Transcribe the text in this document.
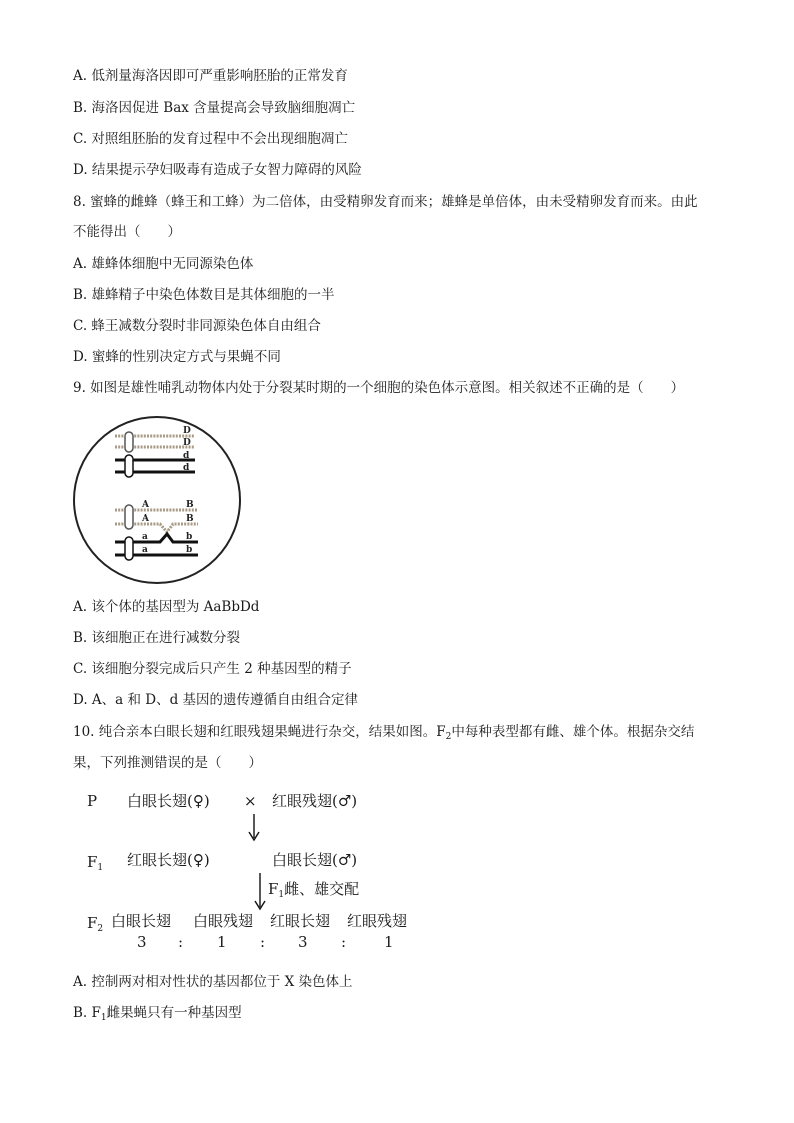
A. 低剂量海洛因即可严重影响胚胎的正常发育
B. 海洛因促进 Bax 含量提高会导致脑细胞凋亡
C. 对照组胚胎的发育过程中不会出现细胞凋亡
D. 结果提示孕妇吸毒有造成子女智力障碍的风险
8. 蜜蜂的雌蜂（蜂王和工蜂）为二倍体，由受精卵发育而来；雄蜂是单倍体，由未受精卵发育而来。由此
不能得出（　　）
A. 雄蜂体细胞中无同源染色体
B. 雄蜂精子中染色体数目是其体细胞的一半
C. 蜂王减数分裂时非同源染色体自由组合
D. 蜜蜂的性别决定方式与果蝇不同
9. 如图是雄性哺乳动物体内处于分裂某时期的一个细胞的染色体示意图。相关叙述不正确的是（　　）
D
D
d
d
A	B
A	B
a	b
a	b
A. 该个体的基因型为 AaBbDd
B. 该细胞正在进行减数分裂
C. 该细胞分裂完成后只产生 2 种基因型的精子
D. A、a 和 D、d 基因的遗传遵循自由组合定律
10. 纯合亲本白眼长翅和红眼残翅果蝇进行杂交，结果如图。$F_2$中每种表型都有雌、雄个体。根据杂交结
果，下列推测错误的是（　　）
P 白眼长翅(♀) × 红眼残翅(♂)
$F_1$ 红眼长翅(♀)	白眼长翅(♂)
$F_1$雌、雄交配
$F_2$ 白眼长翅 白眼残翅 红眼长翅 红眼残翅
3 : 1 : 3 :	1
A. 控制两对相对性状的基因都位于 X 染色体上
B. $F_1$雌果蝇只有一种基因型
